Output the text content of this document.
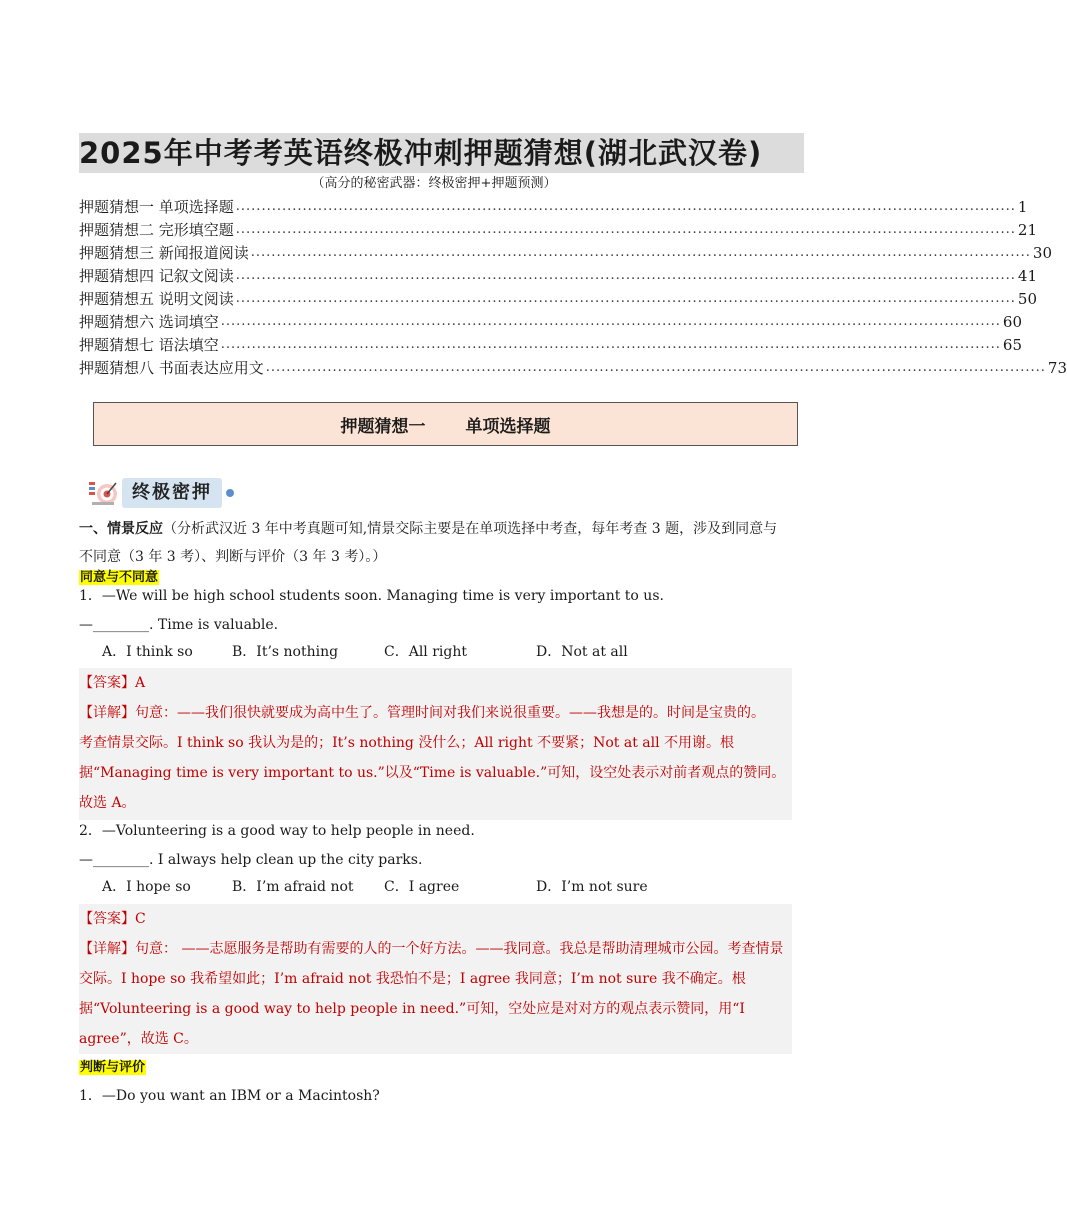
2025年中考考英语终极冲刺押题猜想(湖北武汉卷)
（高分的秘密武器：终极密押+押题预测）
押题猜想一 单项选择题 ........................................................................................................................................................ 1
押题猜想二 完形填空题 ........................................................................................................................................................ 21
押题猜想三 新闻报道阅读 ........................................................................................................................................................ 30
押题猜想四 记叙文阅读 ........................................................................................................................................................ 41
押题猜想五 说明文阅读 ........................................................................................................................................................ 50
押题猜想六 选词填空 ........................................................................................................................................................ 60
押题猜想七 语法填空 ........................................................................................................................................................ 65
押题猜想八 书面表达应用文 ........................................................................................................................................................ 73
押题猜想一 单项选择题
终极密押
一、情景反应（分析武汉近 3 年中考真题可知,情景交际主要是在单项选择中考查，每年考查 3 题，涉及到同意与不同意（3 年 3 考）、判断与评价（3 年 3 考）。）
同意与不同意
1．—We will be high school students soon. Managing time is very important to us.
—________. Time is valuable.
A．I think so	B．It’s nothing	C．All right	D．Not at all

【答案】A

【详解】句意：——我们很快就要成为高中生了。管理时间对我们来说很重要。——我想是的。时间是宝贵的。

考查情景交际。I think so 我认为是的；It’s nothing 没什么；All right 不要紧；Not at all 不用谢。根据“Managing time is very important to us.”以及“Time is valuable.”可知，设空处表示对前者观点的赞同。故选 A。

2．—Volunteering is a good way to help people in need.
—________. I always help clean up the city parks.
A．I hope so	B．I’m afraid not	C．I agree	D．I’m not sure

【答案】C

【详解】句意： ——志愿服务是帮助有需要的人的一个好方法。——我同意。我总是帮助清理城市公园。考查情景交际。I hope so 我希望如此；I’m afraid not 我恐怕不是；I agree 我同意；I’m not sure 我不确定。根据“Volunteering is a good way to help people in need.”可知，空处应是对对方的观点表示赞同，用“I agree”，故选 C。

判断与评价
1．—Do you want an IBM or a Macintosh?
